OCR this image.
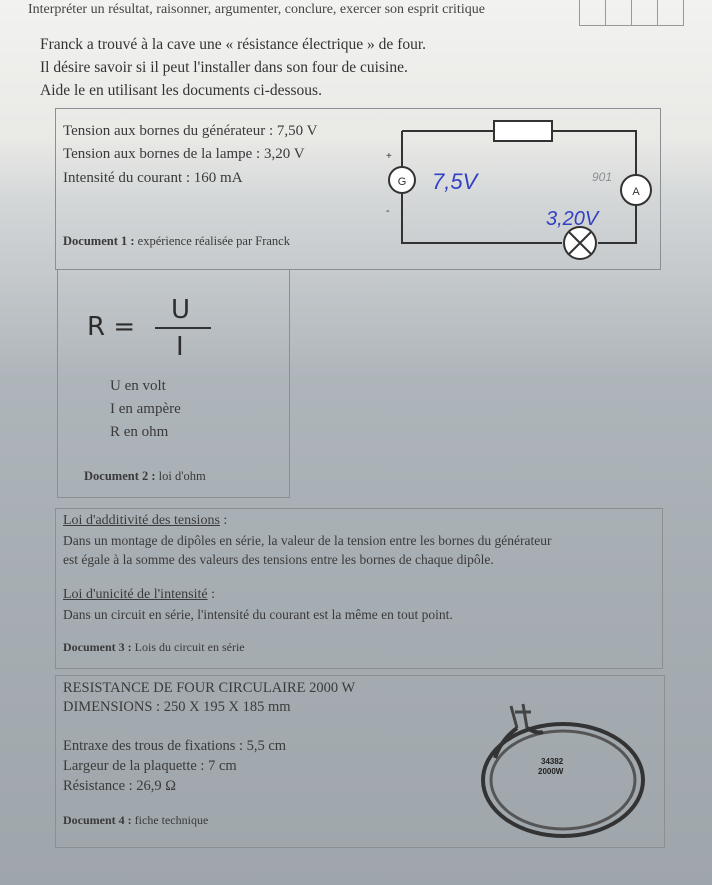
Interpréter un résultat, raisonner, argumenter, conclure, exercer son esprit critique
Franck a trouvé à la cave une « résistance électrique » de four.
Il désire savoir si il peut l'installer dans son four de cuisine.
Aide le en utilisant les documents ci-dessous.
Tension aux bornes du générateur : 7,50 V
Tension aux bornes de la lampe : 3,20 V
Intensité du courant : 160 mA
Document 1 : expérience réalisée par Franck
G
+
-
A
7,5V
3,20V
901
R =
U
I
U en volt
I en ampère
R en ohm
Document 2 : loi d'ohm
Loi d'additivité des tensions :
Dans un montage de dipôles en série, la valeur de la tension entre les bornes du générateur
est égale à la somme des valeurs des tensions entre les bornes de chaque dipôle.
Loi d'unicité de l'intensité :
Dans un circuit en série, l'intensité du courant est la même en tout point.
Document 3 : Lois du circuit en série
RESISTANCE DE FOUR CIRCULAIRE 2000 W
DIMENSIONS : 250 X 195 X 185 mm
Entraxe des trous de fixations : 5,5 cm
Largeur de la plaquette : 7 cm
Résistance : 26,9 Ω
Document 4 : fiche technique
34382
2000W
